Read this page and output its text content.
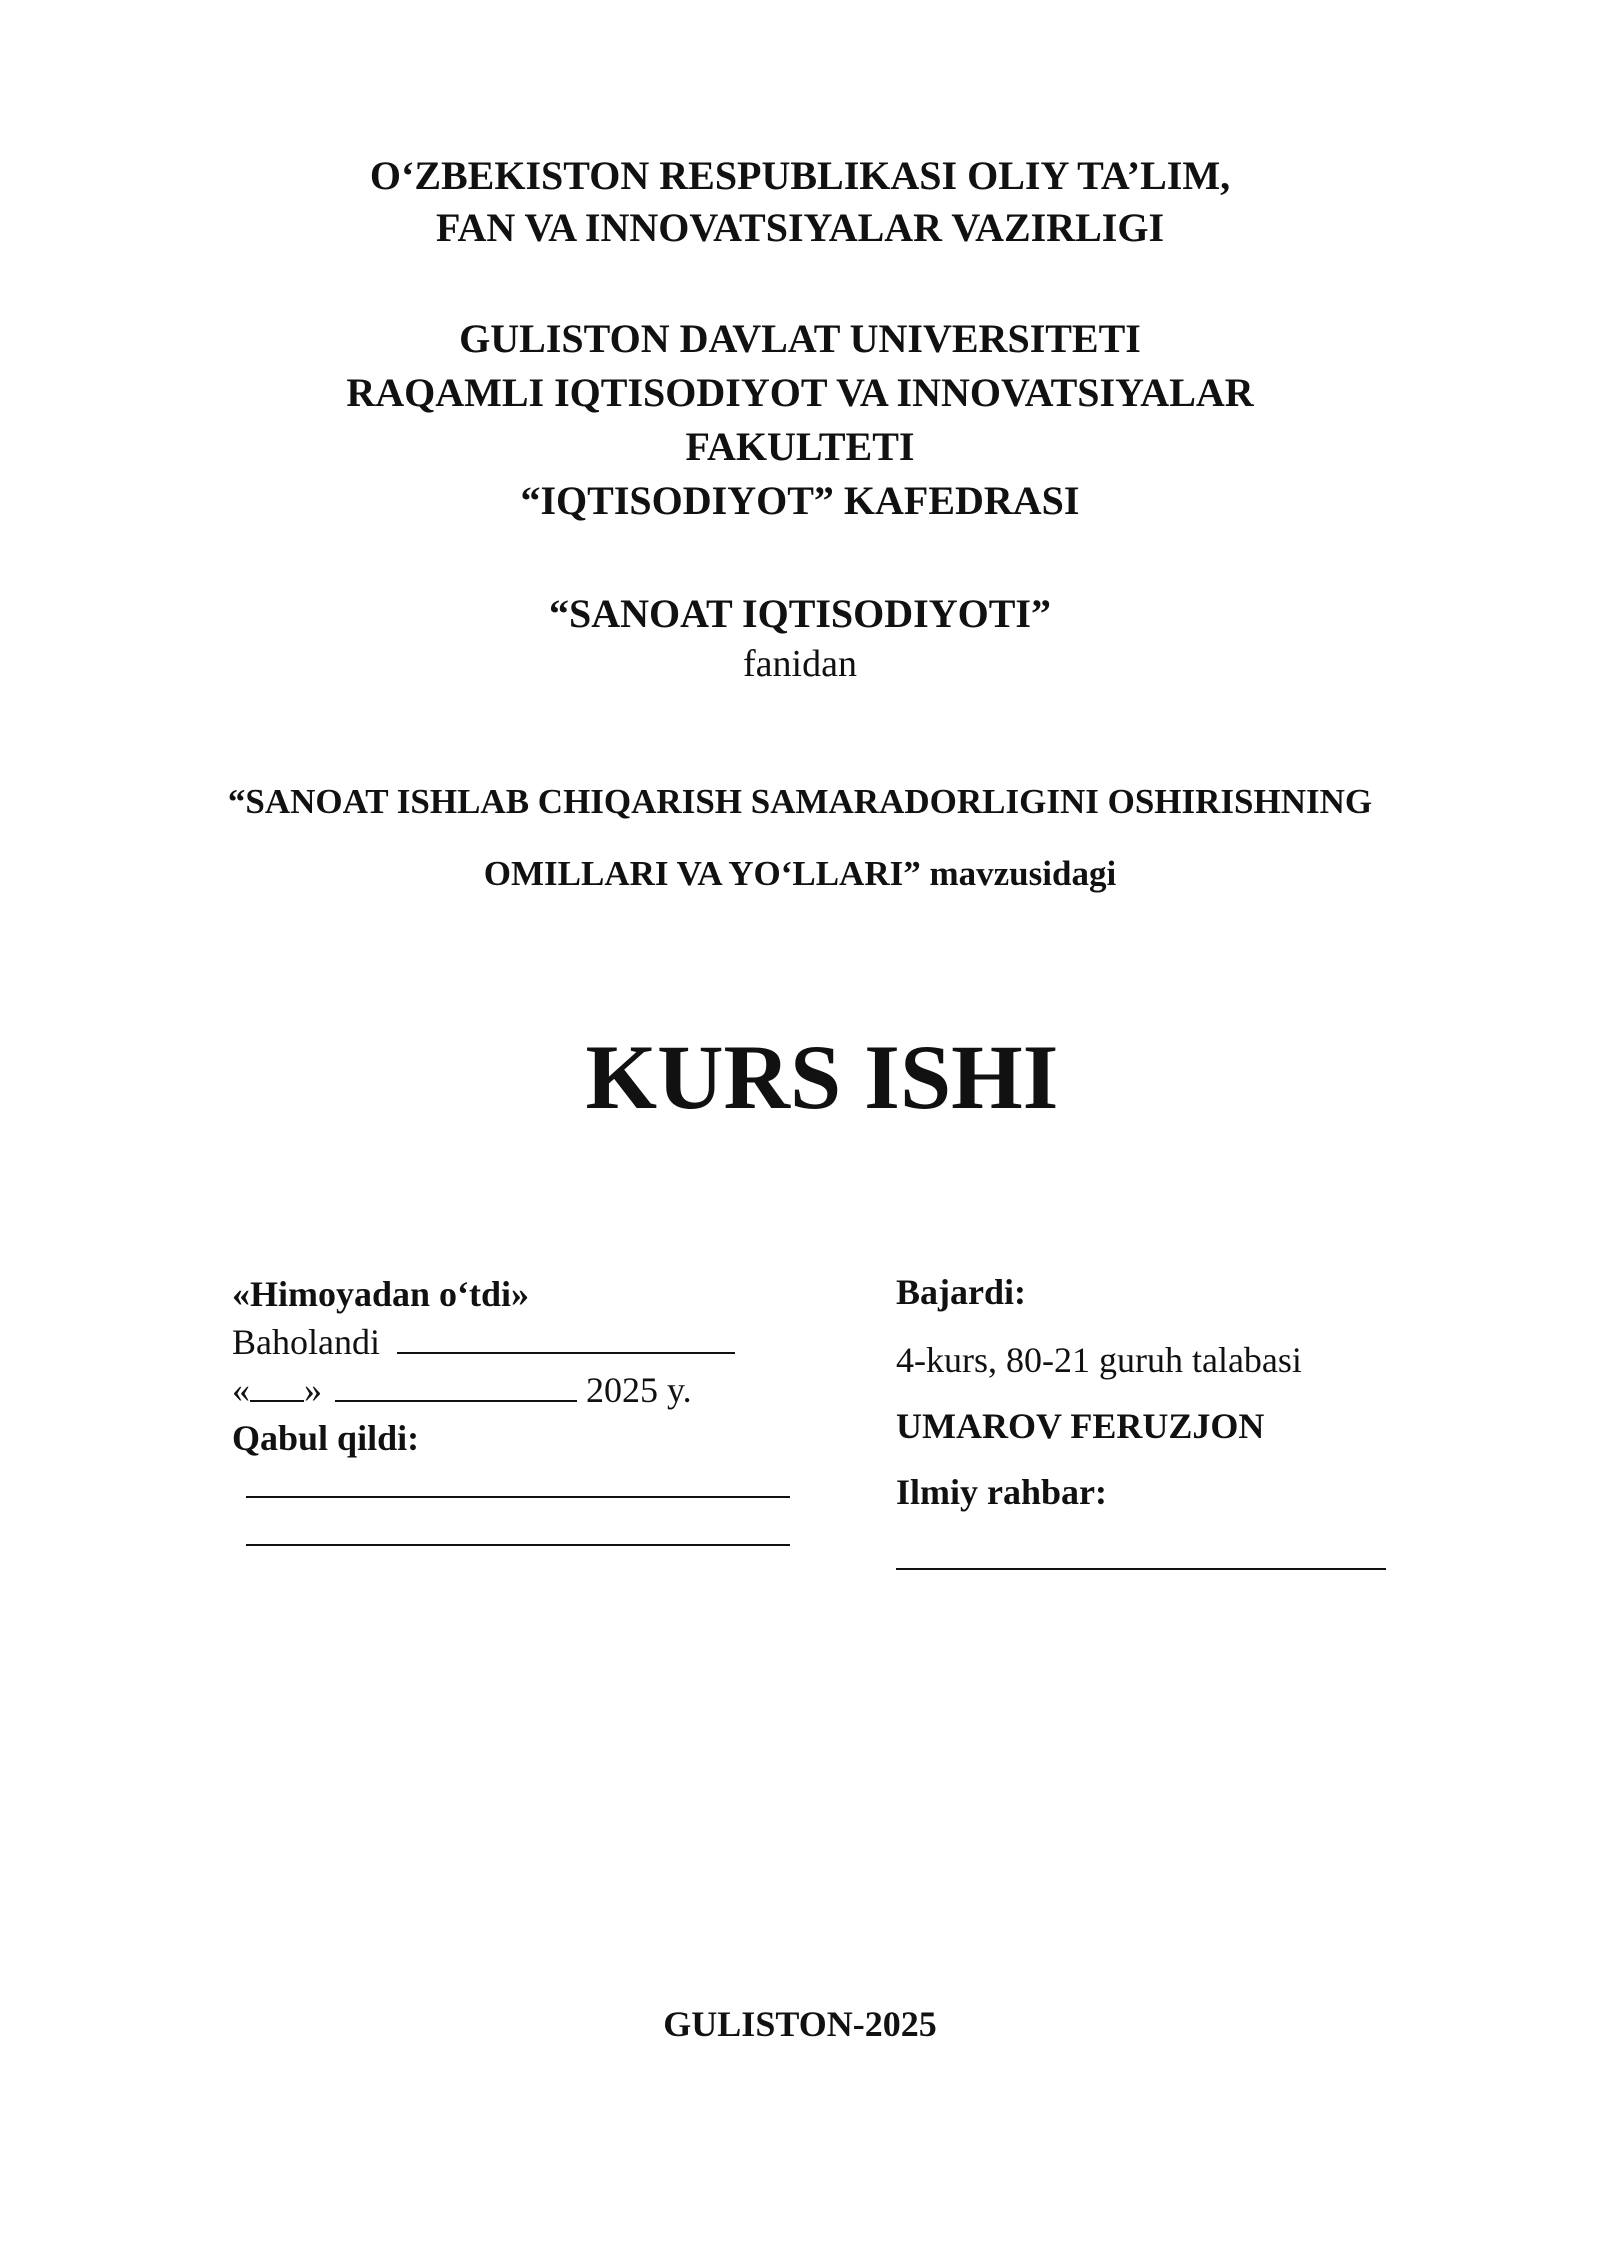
O‘ZBEKISTON RESPUBLIKASI OLIY TA’LIM,
FAN VA INNOVATSIYALAR VAZIRLIGI
GULISTON DAVLAT UNIVERSITETI
RAQAMLI IQTISODIYOT VA INNOVATSIYALAR
FAKULTETI
“IQTISODIYOT” KAFEDRASI
“SANOAT IQTISODIYOTI”
fanidan
“SANOAT ISHLAB CHIQARISH SAMARADORLIGINI OSHIRISHNING
OMILLARI VA YO‘LLARI” mavzusidagi
KURS ISHI
«Himoyadan o‘tdi»
Baholandi
« »	2025 y.
Qabul qildi:
Bajardi:
4-kurs, 80-21 guruh talabasi
UMAROV FERUZJON
Ilmiy rahbar:
GULISTON-2025
